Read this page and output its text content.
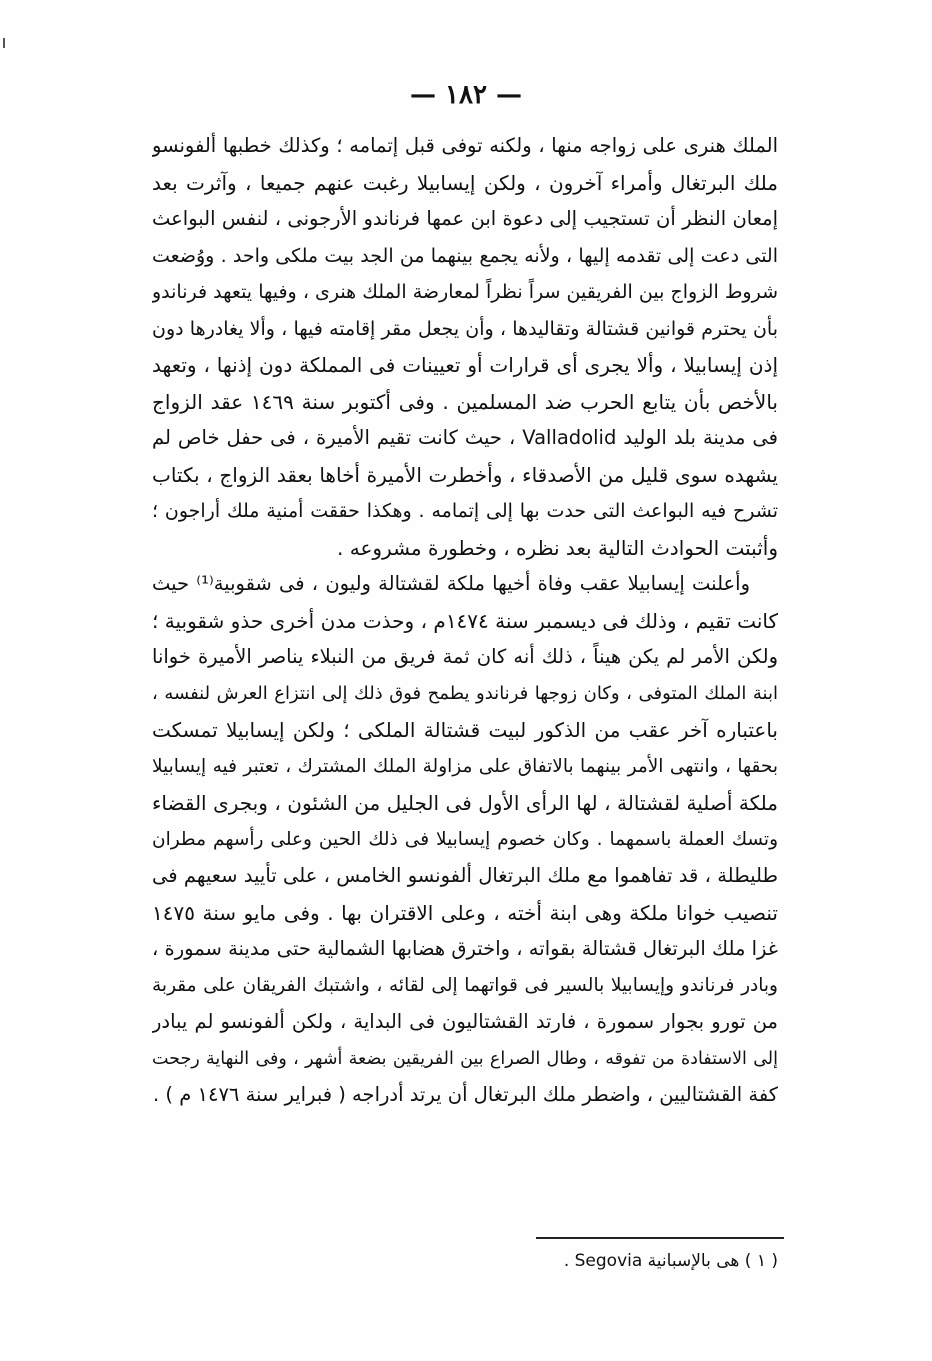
— ١٨٢ —
الملك هنرى على زواجه منها ، ولكنه توفى قبل إتمامه ؛ وكذلك خطبها ألفونسو
ملك البرتغال وأمراء آخرون ، ولكن إيسابيلا رغبت عنهم جميعا ، وآثرت بعد
إمعان النظر أن تستجيب إلى دعوة ابن عمها فرناندو الأرجونى ، لنفس البواعث
التى دعت إلى تقدمه إليها ، ولأنه يجمع بينهما من الجد بيت ملكى واحد . ووُضعت
شروط الزواج بين الفريقين سراً نظراً لمعارضة الملك هنرى ، وفيها يتعهد فرناندو
بأن يحترم قوانين قشتالة وتقاليدها ، وأن يجعل مقر إقامته فيها ، وألا يغادرها دون
إذن إيسابيلا ، وألا يجرى أى قرارات أو تعيينات فى المملكة دون إذنها ، وتعهد
بالأخص بأن يتابع الحرب ضد المسلمين . وفى أكتوبر سنة ١٤٦٩ عقد الزواج
فى مدينة بلد الوليد Valladolid ، حيث كانت تقيم الأميرة ، فى حفل خاص لم
يشهده سوى قليل من الأصدقاء ، وأخطرت الأميرة أخاها بعقد الزواج ، بكتاب
تشرح فيه البواعث التى حدت بها إلى إتمامه . وهكذا حققت أمنية ملك أراجون ؛
وأثبتت الحوادث التالية بعد نظره ، وخطورة مشروعه .
وأعلنت إيسابيلا عقب وفاة أخيها ملكة لقشتالة وليون ، فى شقوبية⁽¹⁾ حيث
كانت تقيم ، وذلك فى ديسمبر سنة ١٤٧٤م ، وحذت مدن أخرى حذو شقوبية ؛
ولكن الأمر لم يكن هيناً ، ذلك أنه كان ثمة فريق من النبلاء يناصر الأميرة خوانا
ابنة الملك المتوفى ، وكان زوجها فرناندو يطمح فوق ذلك إلى انتزاع العرش لنفسه ،
باعتباره آخر عقب من الذكور لبيت قشتالة الملكى ؛ ولكن إيسابيلا تمسكت
بحقها ، وانتهى الأمر بينهما بالاتفاق على مزاولة الملك المشترك ، تعتبر فيه إيسابيلا
ملكة أصلية لقشتالة ، لها الرأى الأول فى الجليل من الشئون ، وبجرى القضاء
وتسك العملة باسمهما . وكان خصوم إيسابيلا فى ذلك الحين وعلى رأسهم مطران
طليطلة ، قد تفاهموا مع ملك البرتغال ألفونسو الخامس ، على تأييد سعيهم فى
تنصيب خوانا ملكة وهى ابنة أخته ، وعلى الاقتران بها . وفى مايو سنة ١٤٧٥
غزا ملك البرتغال قشتالة بقواته ، واخترق هضابها الشمالية حتى مدينة سمورة ،
وبادر فرناندو وإيسابيلا بالسير فى قواتهما إلى لقائه ، واشتبك الفريقان على مقربة
من تورو بجوار سمورة ، فارتد القشتاليون فى البداية ، ولكن ألفونسو لم يبادر
إلى الاستفادة من تفوقه ، وطال الصراع بين الفريقين بضعة أشهر ، وفى النهاية رجحت
كفة القشتاليين ، واضطر ملك البرتغال أن يرتد أدراجه ( فبراير سنة ١٤٧٦ م ) .
( ١ ) هى بالإسبانية Segovia .
